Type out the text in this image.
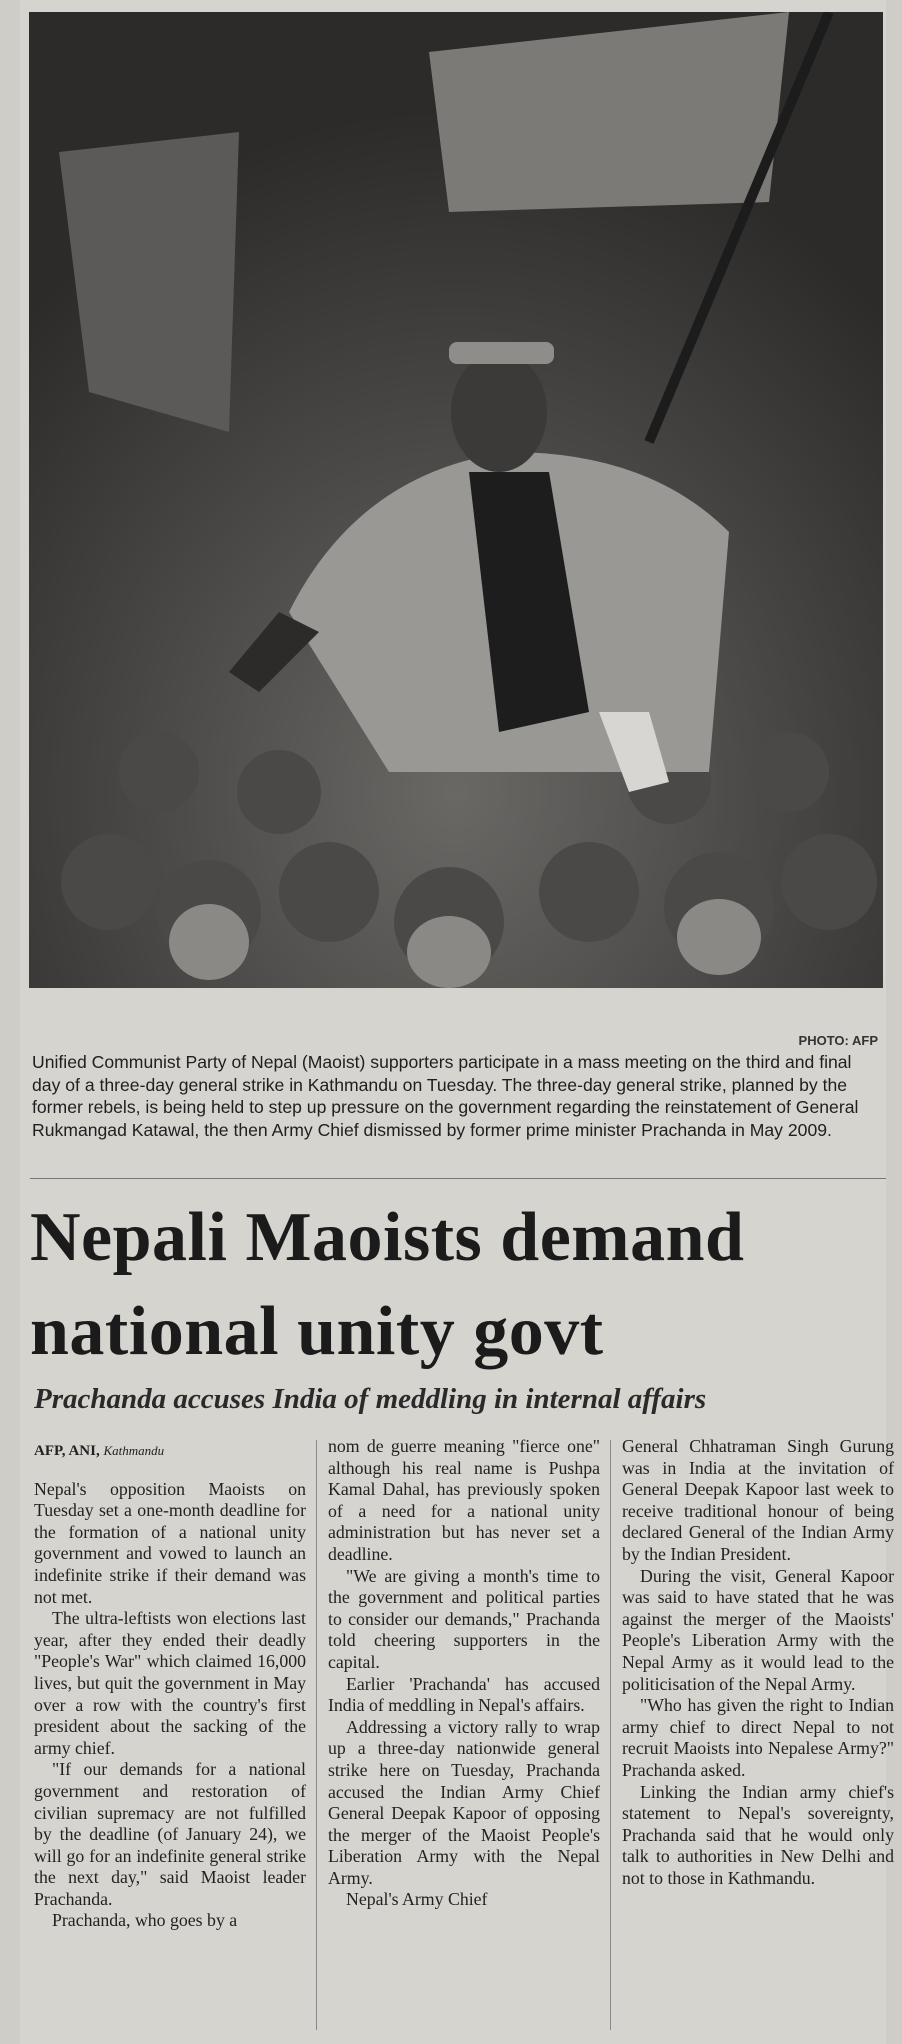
PHOTO: AFP
Unified Communist Party of Nepal (Maoist) supporters participate in a mass meeting on the third and final day of a three-day general strike in Kathmandu on Tuesday. The three-day general strike, planned by the former rebels, is being held to step up pressure on the government regarding the reinstatement of General Rukmangad Katawal, the then Army Chief dismissed by former prime minister Prachanda in May 2009.
Nepali Maoists demand national unity govt
Prachanda accuses India of meddling in internal affairs
AFP, ANI, Kathmandu

Nepal's opposition Maoists on Tuesday set a one-month deadline for the formation of a national unity government and vowed to launch an indefinite strike if their demand was not met.

The ultra-leftists won elections last year, after they ended their deadly "People's War" which claimed 16,000 lives, but quit the government in May over a row with the country's first president about the sacking of the army chief.

"If our demands for a national government and restoration of civilian supremacy are not fulfilled by the deadline (of January 24), we will go for an indefinite general strike the next day," said Maoist leader Prachanda.

Prachanda, who goes by a

nom de guerre meaning "fierce one" although his real name is Pushpa Kamal Dahal, has previously spoken of a need for a national unity administration but has never set a deadline.

"We are giving a month's time to the government and political parties to consider our demands," Prachanda told cheering supporters in the capital.

Earlier 'Prachanda' has accused India of meddling in Nepal's affairs.

Addressing a victory rally to wrap up a three-day nationwide general strike here on Tuesday, Prachanda accused the Indian Army Chief General Deepak Kapoor of opposing the merger of the Maoist People's Liberation Army with the Nepal Army.

Nepal's Army Chief

General Chhatraman Singh Gurung was in India at the invitation of General Deepak Kapoor last week to receive traditional honour of being declared General of the Indian Army by the Indian President.

During the visit, General Kapoor was said to have stated that he was against the merger of the Maoists' People's Liberation Army with the Nepal Army as it would lead to the politicisation of the Nepal Army.

"Who has given the right to Indian army chief to direct Nepal to not recruit Maoists into Nepalese Army?" Prachanda asked.

Linking the Indian army chief's statement to Nepal's sovereignty, Prachanda said that he would only talk to authorities in New Delhi and not to those in Kathmandu.
